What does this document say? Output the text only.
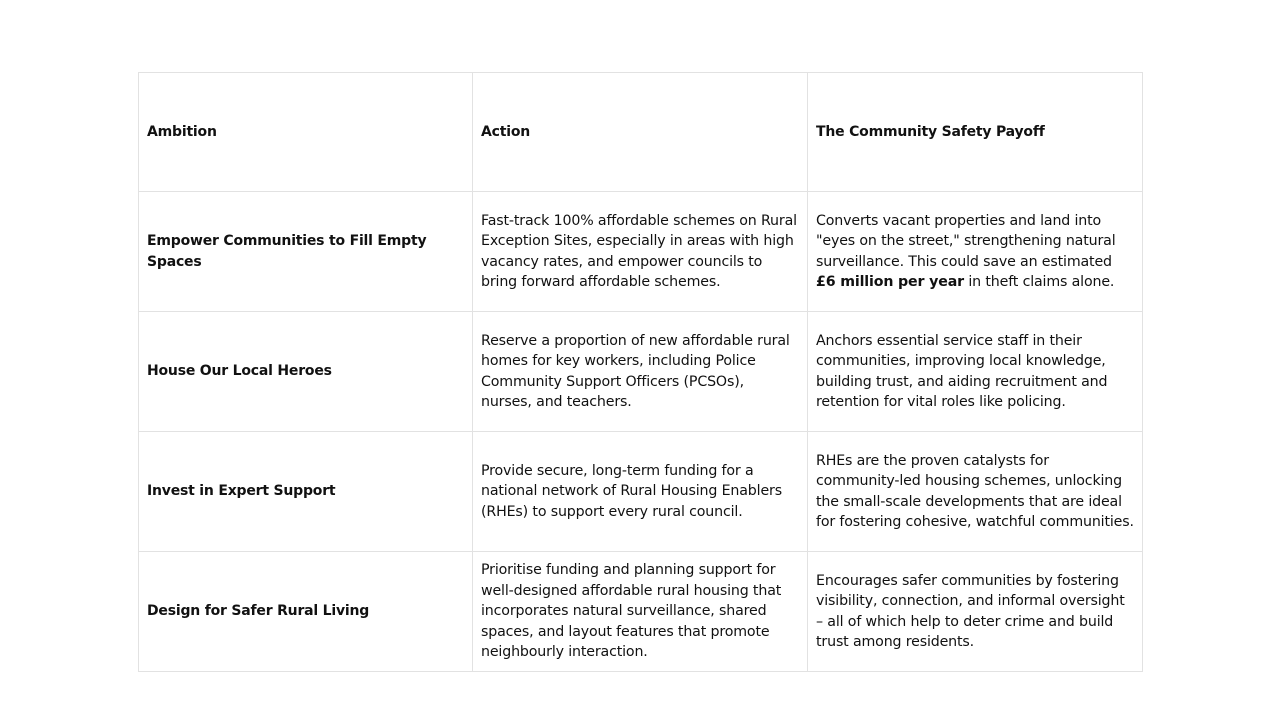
Ambition	Action	The Community Safety Payoff
Empower Communities to Fill Empty Spaces	Fast-track 100% affordable schemes on Rural Exception Sites, especially in areas with high vacancy rates, and empower councils to bring forward affordable schemes.	Converts vacant properties and land into "eyes on the street," strengthening natural surveillance. This could save an estimated £6 million per year in theft claims alone.
House Our Local Heroes	Reserve a proportion of new affordable rural homes for key workers, including Police Community Support Officers (PCSOs), nurses, and teachers.	Anchors essential service staff in their communities, improving local knowledge, building trust, and aiding recruitment and retention for vital roles like policing.
Invest in Expert Support	Provide secure, long-term funding for a national network of Rural Housing Enablers (RHEs) to support every rural council.	RHEs are the proven catalysts for community-led housing schemes, unlocking the small-scale developments that are ideal for fostering cohesive, watchful communities.
Design for Safer Rural Living	Prioritise funding and planning support for well-designed affordable rural housing that incorporates natural surveillance, shared spaces, and layout features that promote neighbourly interaction.	Encourages safer communities by fostering visibility, connection, and informal oversight – all of which help to deter crime and build trust among residents.
